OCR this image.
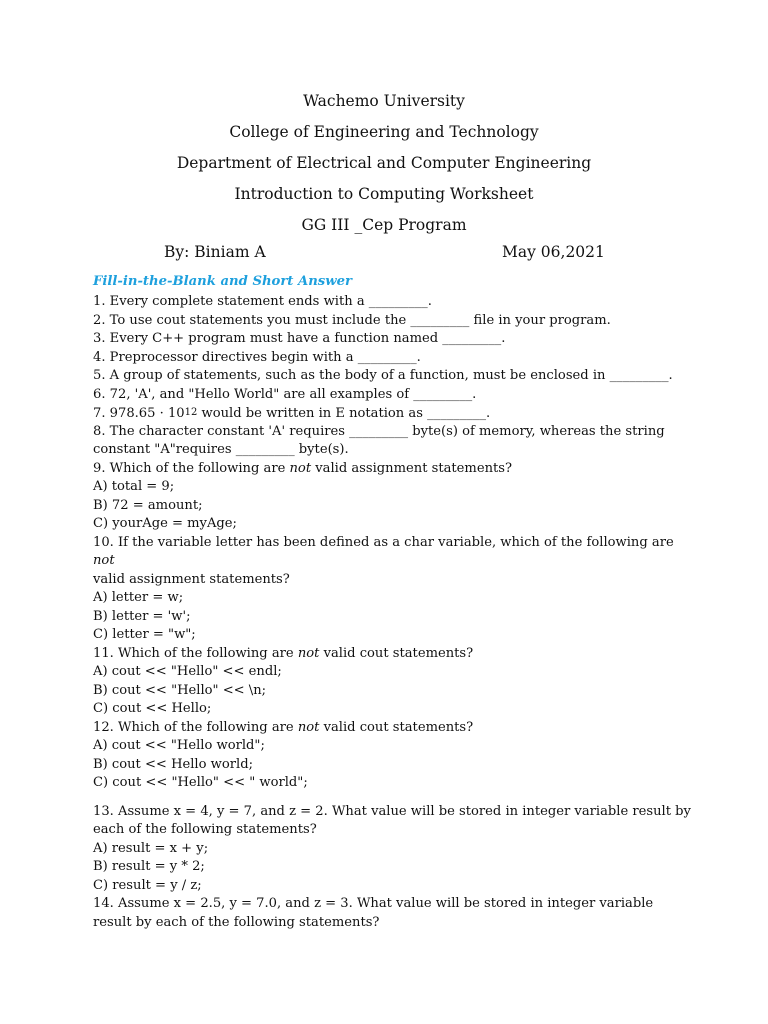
Wachemo University
College of Engineering and Technology
Department of Electrical and Computer Engineering
Introduction to Computing Worksheet
GG III _Cep Program
By: Biniam A	May 06,2021
Fill-in-the-Blank and Short Answer
1. Every complete statement ends with a _________.
2. To use cout statements you must include the _________ file in your program.
3. Every C++ program must have a function named _________.
4. Preprocessor directives begin with a _________.
5. A group of statements, such as the body of a function, must be enclosed in _________.
6. 72, 'A', and "Hello World" are all examples of _________.
7. $978.65 \cdot 10^{12}$ would be written in E notation as _________.
8. The character constant 'A' requires _________ byte(s) of memory, whereas the string
constant "A"requires _________ byte(s).
9. Which of the following are not valid assignment statements?
A) total = 9;
B) 72 = amount;
C) yourAge = myAge;
10. If the variable letter has been defined as a char variable, which of the following are
not
valid assignment statements?
A) letter = w;
B) letter = 'w';
C) letter = "w";
11. Which of the following are not valid cout statements?
A) cout << "Hello" << endl;
B) cout << "Hello" << \n;
C) cout << Hello;
12. Which of the following are not valid cout statements?
A) cout << "Hello world";
B) cout << Hello world;
C) cout << "Hello" << " world";
13. Assume x = 4, y = 7, and z = 2. What value will be stored in integer variable result by
each of the following statements?
A) result = x + y;
B) result = y * 2;
C) result = y / z;
14. Assume x = 2.5, y = 7.0, and z = 3. What value will be stored in integer variable
result by each of the following statements?
